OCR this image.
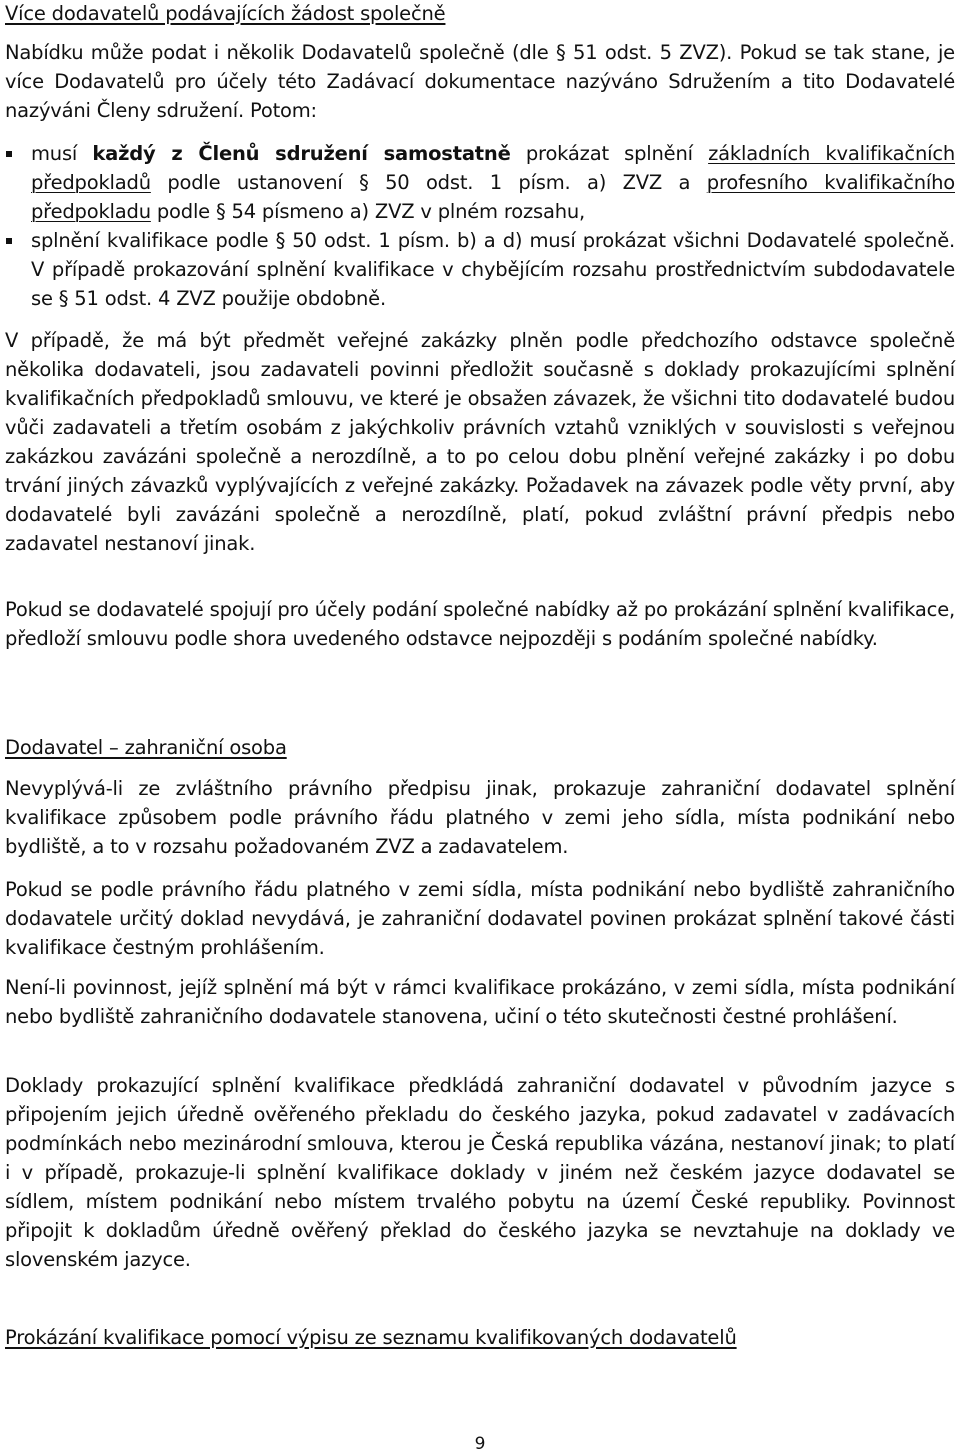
Více dodavatelů podávajících žádost společně

Nabídku může podat i několik Dodavatelů společně (dle § 51 odst. 5 ZVZ). Pokud se tak stane, je více Dodavatelů pro účely této Zadávací dokumentace nazýváno Sdružením a tito Dodavatelé nazýváni Členy sdružení. Potom:

musí každý z Členů sdružení samostatně prokázat splnění základních kvalifikačních předpokladů podle ustanovení § 50 odst. 1 písm. a) ZVZ a profesního kvalifikačního předpokladu podle § 54 písmeno a) ZVZ v plném rozsahu,
splnění kvalifikace podle § 50 odst. 1 písm. b) a d) musí prokázat všichni Dodavatelé společně. V případě prokazování splnění kvalifikace v chybějícím rozsahu prostřednictvím subdodavatele se § 51 odst. 4 ZVZ použije obdobně.

V případě, že má být předmět veřejné zakázky plněn podle předchozího odstavce společně několika dodavateli, jsou zadavateli povinni předložit současně s doklady prokazujícími splnění kvalifikačních předpokladů smlouvu, ve které je obsažen závazek, že všichni tito dodavatelé budou vůči zadavateli a třetím osobám z jakýchkoliv právních vztahů vzniklých v souvislosti s veřejnou zakázkou zavázáni společně a nerozdílně, a to po celou dobu plnění veřejné zakázky i po dobu trvání jiných závazků vyplývajících z veřejné zakázky. Požadavek na závazek podle věty první, aby dodavatelé byli zavázáni společně a nerozdílně, platí, pokud zvláštní právní předpis nebo zadavatel nestanoví jinak.

Pokud se dodavatelé spojují pro účely podání společné nabídky až po prokázání splnění kvalifikace, předloží smlouvu podle shora uvedeného odstavce nejpozději s podáním společné nabídky.

Dodavatel – zahraniční osoba

Nevyplývá-li ze zvláštního právního předpisu jinak, prokazuje zahraniční dodavatel splnění kvalifikace způsobem podle právního řádu platného v zemi jeho sídla, místa podnikání nebo bydliště, a to v rozsahu požadovaném ZVZ a zadavatelem.

Pokud se podle právního řádu platného v zemi sídla, místa podnikání nebo bydliště zahraničního dodavatele určitý doklad nevydává, je zahraniční dodavatel povinen prokázat splnění takové části kvalifikace čestným prohlášením.

Není-li povinnost, jejíž splnění má být v rámci kvalifikace prokázáno, v zemi sídla, místa podnikání nebo bydliště zahraničního dodavatele stanovena, učiní o této skutečnosti čestné prohlášení.

Doklady prokazující splnění kvalifikace předkládá zahraniční dodavatel v původním jazyce s připojením jejich úředně ověřeného překladu do českého jazyka, pokud zadavatel v zadávacích podmínkách nebo mezinárodní smlouva, kterou je Česká republika vázána, nestanoví jinak; to platí i v případě, prokazuje-li splnění kvalifikace doklady v jiném než českém jazyce dodavatel se sídlem, místem podnikání nebo místem trvalého pobytu na území České republiky. Povinnost připojit k dokladům úředně ověřený překlad do českého jazyka se nevztahuje na doklady ve slovenském jazyce.

Prokázání kvalifikace pomocí výpisu ze seznamu kvalifikovaných dodavatelů
9
